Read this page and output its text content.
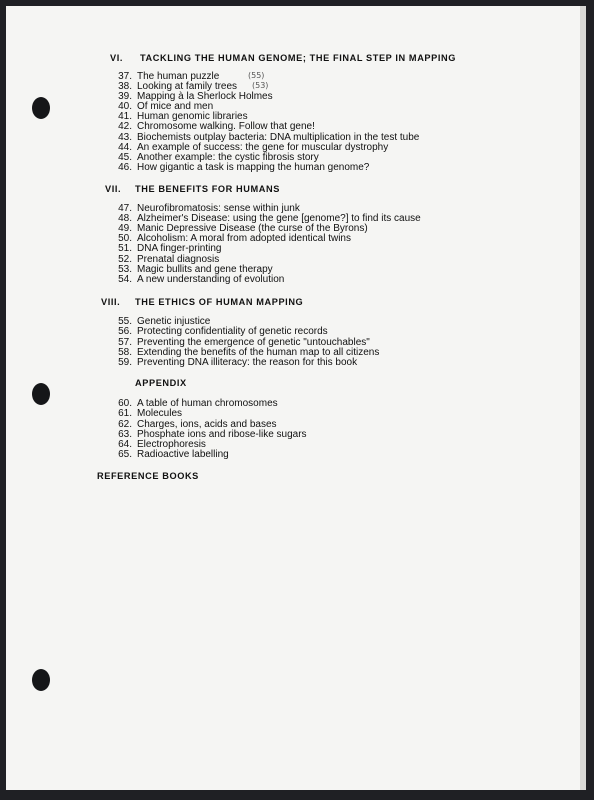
VI. TACKLING THE HUMAN GENOME; THE FINAL STEP IN MAPPING
37. The human puzzle	(55)
38. Looking at family trees (53)
39. Mapping à la Sherlock Holmes
40. Of mice and men
41. Human genomic libraries
42. Chromosome walking. Follow that gene!
43. Biochemists outplay bacteria: DNA multiplication in the test tube
44. An example of success: the gene for muscular dystrophy
45. Another example: the cystic fibrosis story
46. How gigantic a task is mapping the human genome?
VII. THE BENEFITS FOR HUMANS
47. Neurofibromatosis: sense within junk
48. Alzheimer's Disease: using the gene [genome?] to find its cause
49. Manic Depressive Disease (the curse of the Byrons)
50. Alcoholism: A moral from adopted identical twins
51. DNA finger-printing
52. Prenatal diagnosis
53. Magic bullits and gene therapy
54. A new understanding of evolution
VIII. THE ETHICS OF HUMAN MAPPING
55. Genetic injustice
56. Protecting confidentiality of genetic records
57. Preventing the emergence of genetic "untouchables"
58. Extending the benefits of the human map to all citizens
59. Preventing DNA illiteracy: the reason for this book
APPENDIX
60. A table of human chromosomes
61. Molecules
62. Charges, ions, acids and bases
63. Phosphate ions and ribose-like sugars
64. Electrophoresis
65. Radioactive labelling
REFERENCE BOOKS
